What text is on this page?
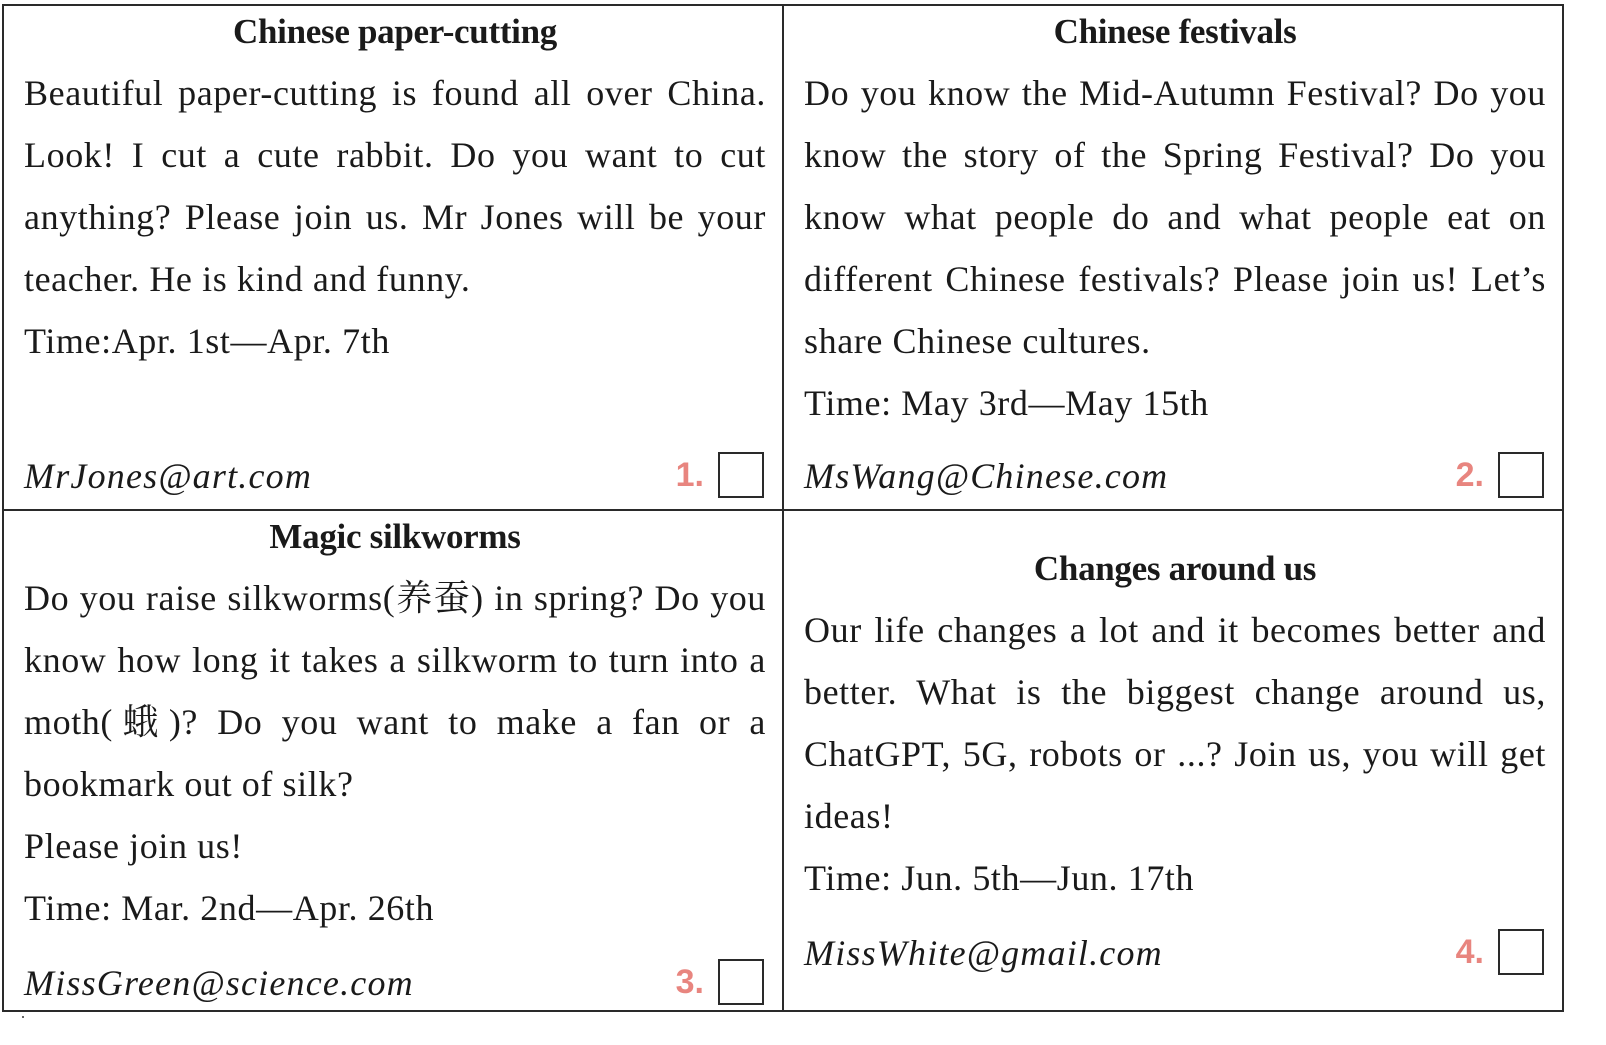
Chinese paper-cutting

Beautiful paper-cutting is found all over China. Look! I cut a cute rabbit. Do you want to cut anything? Please join us. Mr Jones will be your teacher. He is kind and funny.

Time:Apr. 1st—Apr. 7th

MrJones@art.com	1.
Chinese festivals

Do you know the Mid-Autumn Festival? Do you know the story of the Spring Festival? Do you know what people do and what people eat on different Chinese festivals? Please join us! Let’s share Chinese cultures.

Time: May 3rd—May 15th

MsWang@Chinese.com	2.
Magic silkworms

Do you raise silkworms(养蚕) in spring? Do you know how long it takes a silkworm to turn into a moth(蛾)? Do you want to make a fan or a bookmark out of silk?

Please join us!

Time: Mar. 2nd—Apr. 26th

MissGreen@science.com	3.
Changes around us

Our life changes a lot and it becomes better and better. What is the biggest change around us, ChatGPT, 5G, robots or ...? Join us, you will get ideas!

Time: Jun. 5th—Jun. 17th

MissWhite@gmail.com	4.
